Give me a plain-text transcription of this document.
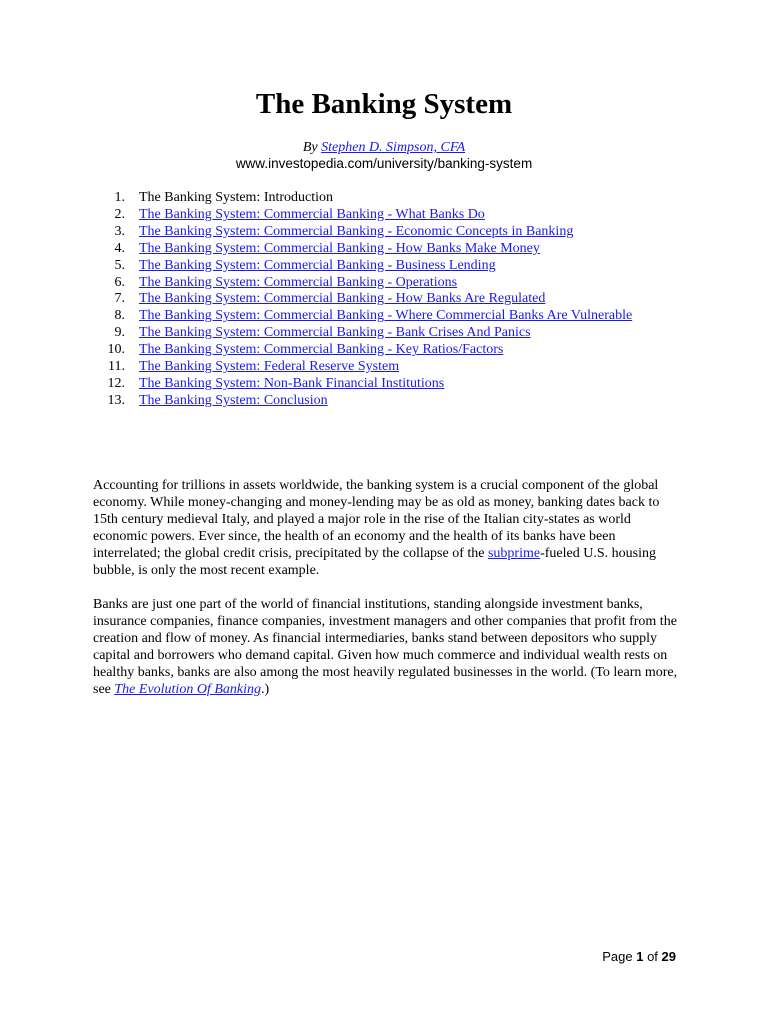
The Banking System
By Stephen D. Simpson, CFA
www.investopedia.com/university/banking-system
1. The Banking System: Introduction
2. The Banking System: Commercial Banking - What Banks Do
3. The Banking System: Commercial Banking - Economic Concepts in Banking
4. The Banking System: Commercial Banking - How Banks Make Money
5. The Banking System: Commercial Banking - Business Lending
6. The Banking System: Commercial Banking - Operations
7. The Banking System: Commercial Banking - How Banks Are Regulated
8. The Banking System: Commercial Banking - Where Commercial Banks Are Vulnerable
9. The Banking System: Commercial Banking - Bank Crises And Panics
10. The Banking System: Commercial Banking - Key Ratios/Factors
11. The Banking System: Federal Reserve System
12. The Banking System: Non-Bank Financial Institutions
13. The Banking System: Conclusion

Accounting for trillions in assets worldwide, the banking system is a crucial component of the global economy. While money-changing and money-lending may be as old as money, banking dates back to 15th century medieval Italy, and played a major role in the rise of the Italian city-states as world economic powers. Ever since, the health of an economy and the health of its banks have been interrelated; the global credit crisis, precipitated by the collapse of the subprime-fueled U.S. housing bubble, is only the most recent example.

Banks are just one part of the world of financial institutions, standing alongside investment banks, insurance companies, finance companies, investment managers and other companies that profit from the creation and flow of money. As financial intermediaries, banks stand between depositors who supply capital and borrowers who demand capital. Given how much commerce and individual wealth rests on healthy banks, banks are also among the most heavily regulated businesses in the world. (To learn more, see The Evolution Of Banking.)

Page 1 of 29
